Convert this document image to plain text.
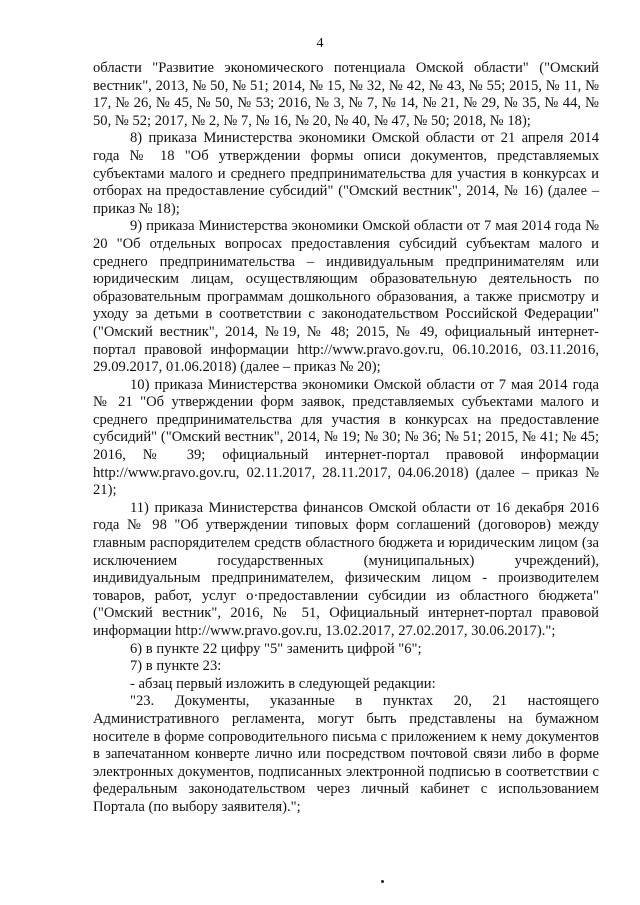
4

области "Развитие экономического потенциала Омской области" ("Омский вестник", 2013, № 50, № 51; 2014, № 15, № 32, № 42, № 43, № 55; 2015, № 11, № 17, № 26, № 45, № 50, № 53; 2016, № 3, № 7, № 14, № 21, № 29, № 35, № 44, № 50, № 52; 2017, № 2, № 7, № 16, № 20, № 40, № 47, № 50; 2018, № 18);

8) приказа Министерства экономики Омской области от 21 апреля 2014 года № 18 "Об утверждении формы описи документов, представляемых субъектами малого и среднего предпринимательства для участия в конкурсах и отборах на предоставление субсидий" ("Омский вестник", 2014, № 16) (далее – приказ № 18);

9) приказа Министерства экономики Омской области от 7 мая 2014 года № 20 "Об отдельных вопросах предоставления субсидий субъектам малого и среднего предпринимательства – индивидуальным предпринимателям или юридическим лицам, осуществляющим образовательную деятельность по образовательным программам дошкольного образования, а также присмотру и уходу за детьми в соответствии с законодательством Российской Федерации" ("Омский вестник", 2014, №19, № 48; 2015, № 49, официальный интернет-портал правовой информации http://www.pravo.gov.ru, 06.10.2016, 03.11.2016, 29.09.2017, 01.06.2018) (далее – приказ № 20);

10) приказа Министерства экономики Омской области от 7 мая 2014 года № 21 "Об утверждении форм заявок, представляемых субъектами малого и среднего предпринимательства для участия в конкурсах на предоставление субсидий" ("Омский вестник", 2014, № 19; № 30; № 36; № 51; 2015, № 41; № 45; 2016, № 39; официальный интернет-портал правовой информации http://www.pravo.gov.ru, 02.11.2017, 28.11.2017, 04.06.2018) (далее – приказ № 21);

11) приказа Министерства финансов Омской области от 16 декабря 2016 года № 98 "Об утверждении типовых форм соглашений (договоров) между главным распорядителем средств областного бюджета и юридическим лицом (за исключением государственных (муниципальных) учреждений), индивидуальным предпринимателем, физическим лицом - производителем товаров, работ, услуг о·предоставлении субсидии из областного бюджета" ("Омский вестник", 2016, № 51, Официальный интернет-портал правовой информации http://www.pravo.gov.ru, 13.02.2017, 27.02.2017, 30.06.2017).";

6) в пункте 22 цифру "5" заменить цифрой "6";

7) в пункте 23:

- абзац первый изложить в следующей редакции:

"23. Документы, указанные в пунктах 20, 21 настоящего Административного регламента, могут быть представлены на бумажном носителе в форме сопроводительного письма с приложением к нему документов в запечатанном конверте лично или посредством почтовой связи либо в форме электронных документов, подписанных электронной подписью в соответствии с федеральным законодательством через личный кабинет с использованием Портала (по выбору заявителя).";
